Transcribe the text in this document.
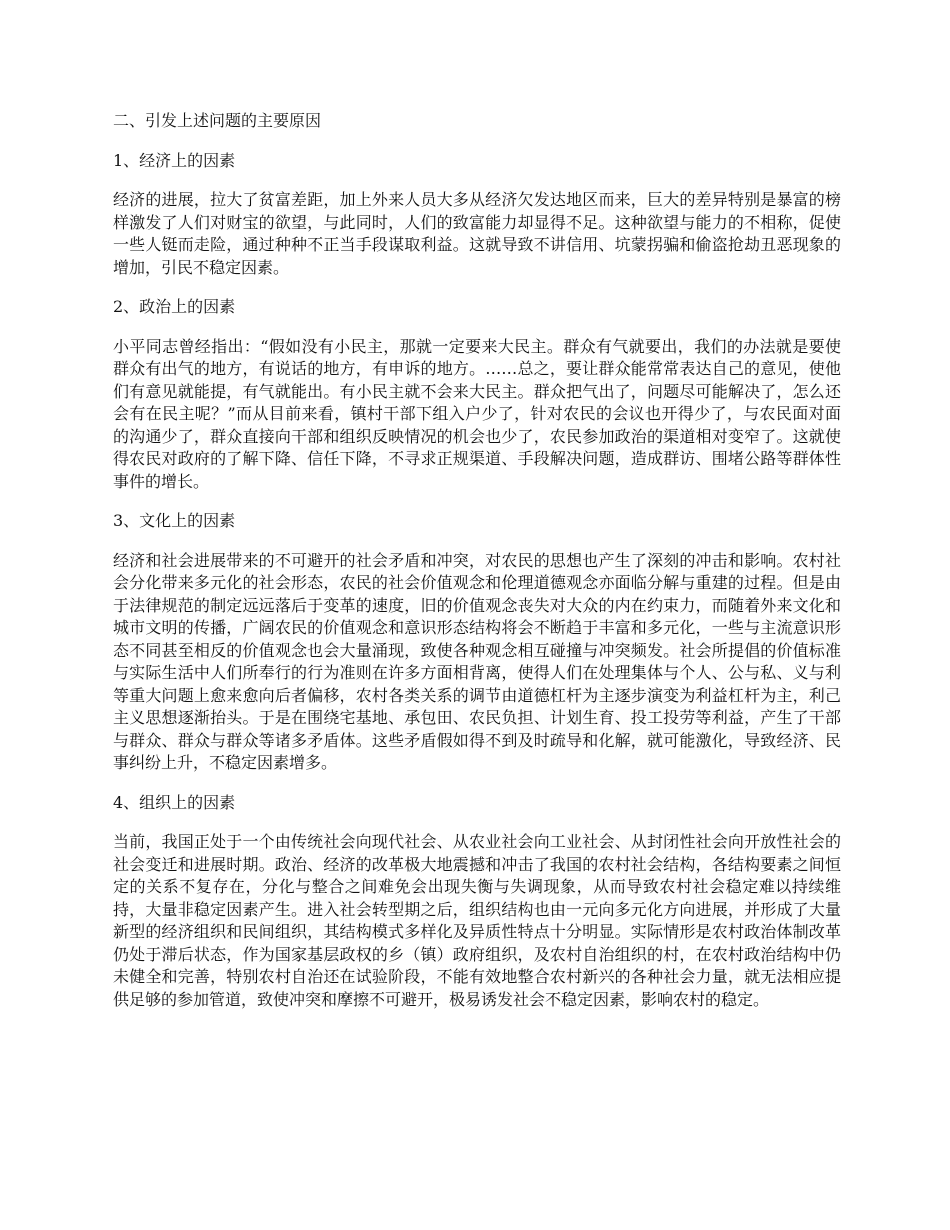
二、引发上述问题的主要原因

1、经济上的因素

经济的进展，拉大了贫富差距，加上外来人员大多从经济欠发达地区而来，巨大的差异特别是暴富的榜样激发了人们对财宝的欲望，与此同时，人们的致富能力却显得不足。这种欲望与能力的不相称，促使一些人铤而走险，通过种种不正当手段谋取利益。这就导致不讲信用、坑蒙拐骗和偷盗抢劫丑恶现象的增加，引民不稳定因素。

2、政治上的因素

小平同志曾经指出：“假如没有小民主，那就一定要来大民主。群众有气就要出，我们的办法就是要使群众有出气的地方，有说话的地方，有申诉的地方。……总之，要让群众能常常表达自己的意见，使他们有意见就能提，有气就能出。有小民主就不会来大民主。群众把气出了，问题尽可能解决了，怎么还会有在民主呢？”而从目前来看，镇村干部下组入户少了，针对农民的会议也开得少了，与农民面对面的沟通少了，群众直接向干部和组织反映情况的机会也少了，农民参加政治的渠道相对变窄了。这就使得农民对政府的了解下降、信任下降，不寻求正规渠道、手段解决问题，造成群访、围堵公路等群体性事件的增长。

3、文化上的因素

经济和社会进展带来的不可避开的社会矛盾和冲突，对农民的思想也产生了深刻的冲击和影响。农村社会分化带来多元化的社会形态，农民的社会价值观念和伦理道德观念亦面临分解与重建的过程。但是由于法律规范的制定远远落后于变革的速度，旧的价值观念丧失对大众的内在约束力，而随着外来文化和城市文明的传播，广阔农民的价值观念和意识形态结构将会不断趋于丰富和多元化，一些与主流意识形态不同甚至相反的价值观念也会大量涌现，致使各种观念相互碰撞与冲突频发。社会所提倡的价值标准与实际生活中人们所奉行的行为准则在许多方面相背离，使得人们在处理集体与个人、公与私、义与利等重大问题上愈来愈向后者偏移，农村各类关系的调节由道德杠杆为主逐步演变为利益杠杆为主，利己主义思想逐渐抬头。于是在围绕宅基地、承包田、农民负担、计划生育、投工投劳等利益，产生了干部与群众、群众与群众等诸多矛盾体。这些矛盾假如得不到及时疏导和化解，就可能激化，导致经济、民事纠纷上升，不稳定因素增多。

4、组织上的因素

当前，我国正处于一个由传统社会向现代社会、从农业社会向工业社会、从封闭性社会向开放性社会的社会变迁和进展时期。政治、经济的改革极大地震撼和冲击了我国的农村社会结构，各结构要素之间恒定的关系不复存在，分化与整合之间难免会出现失衡与失调现象，从而导致农村社会稳定难以持续维持，大量非稳定因素产生。进入社会转型期之后，组织结构也由一元向多元化方向进展，并形成了大量新型的经济组织和民间组织，其结构模式多样化及异质性特点十分明显。实际情形是农村政治体制改革仍处于滞后状态，作为国家基层政权的乡（镇）政府组织，及农村自治组织的村，在农村政治结构中仍未健全和完善，特别农村自治还在试验阶段，不能有效地整合农村新兴的各种社会力量，就无法相应提供足够的参加管道，致使冲突和摩擦不可避开，极易诱发社会不稳定因素，影响农村的稳定。
